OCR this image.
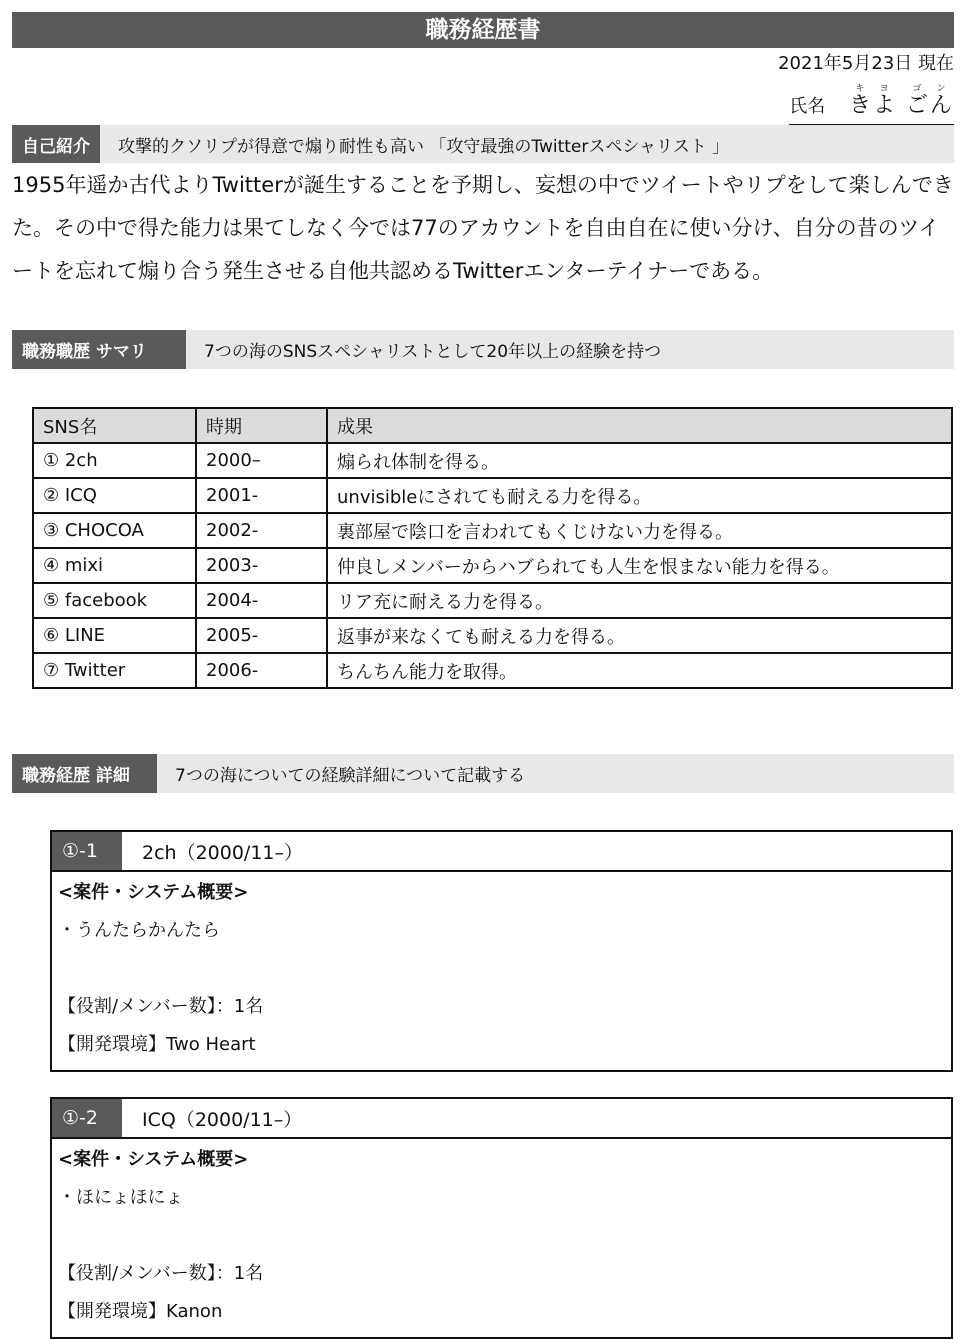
職務経歴書
2021年5月23日 現在
氏名 きよキヨ ごんゴン
自己紹介	攻撃的クソリプが得意で煽り耐性も高い 「攻守最強のTwitterスペシャリスト 」
1955年遥か古代よりTwitterが誕生することを予期し、妄想の中でツイートやリプをして楽しんできた。その中で得た能力は果てしなく今では77のアカウントを自由自在に使い分け、自分の昔のツイートを忘れて煽り合う発生させる自他共認めるTwitterエンターテイナーである。
職務職歴 サマリ	7つの海のSNSスペシャリストとして20年以上の経験を持つ
SNS名	時期	成果
① 2ch	2000–	煽られ体制を得る。
② ICQ	2001-	unvisibleにされても耐える力を得る。
③ CHOCOA	2002-	裏部屋で陰口を言われてもくじけない力を得る。
④ mixi	2003-	仲良しメンバーからハブられても人生を恨まない能力を得る。
⑤ facebook	2004-	リア充に耐える力を得る。
⑥ LINE	2005-	返事が来なくても耐える力を得る。
⑦ Twitter	2006-	ちんちん能力を取得。
職務経歴 詳細	7つの海についての経験詳細について記載する
①-1	2ch（2000/11–）
<案件・システム概要>
・うんたらかんたら
【役割/メンバー数】：1名
【開発環境】Two Heart
①-2	ICQ（2000/11–）
<案件・システム概要>
・ほにょほにょ
【役割/メンバー数】：1名
【開発環境】Kanon
